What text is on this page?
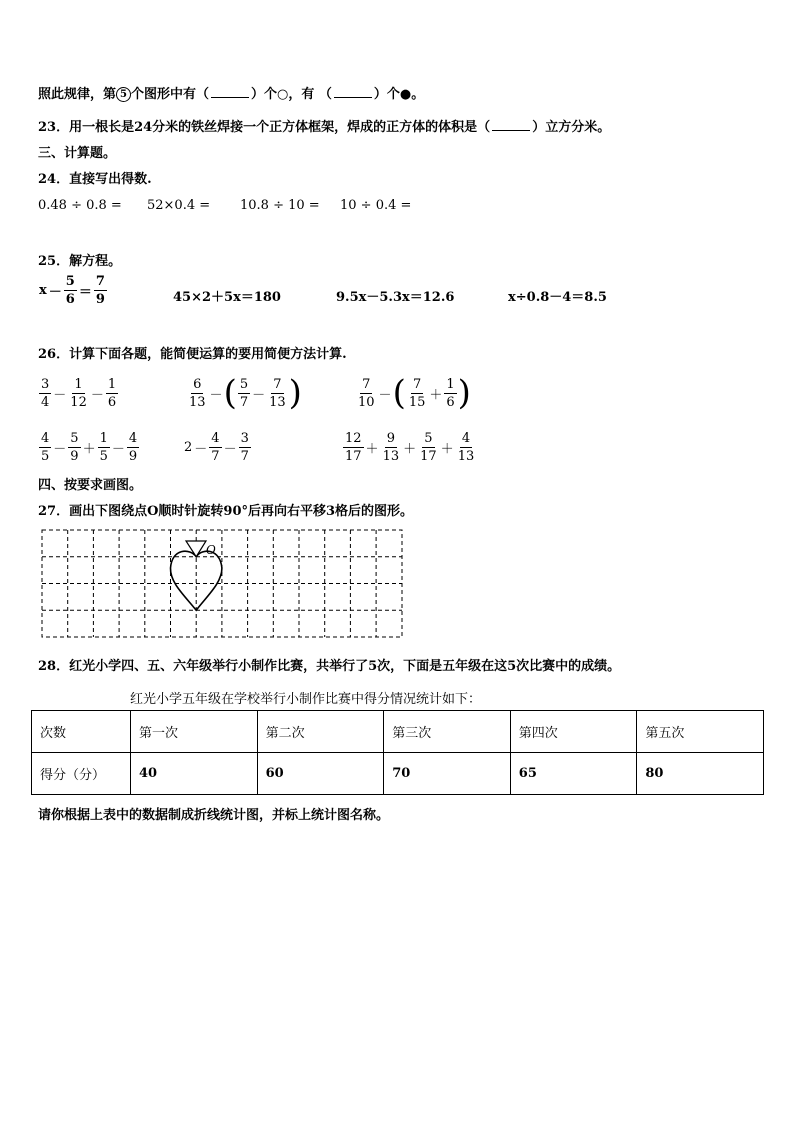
照此规律，第 5 个图形中有（	）个○，有 （	）个●。
23．用一根长是24分米的铁丝焊接一个正方体框架，焊成的正方体的体积是（	）立方分米。
三、计算题。
24．直接写出得数.
0.48 ÷ 0.8 = 52×0.4 = 10.8 ÷ 10 = 10 ÷ 0.4 =
25．解方程。
$x - \frac{5}{6} = \frac{7}{9}$	45×2＋5x＝180	9.5x－5.3x＝12.6	x÷0.8－4＝8.5
26．计算下面各题，能简便运算的要用简便方法计算.
$\frac{3}{4} - \frac{1}{12} - \frac{1}{6}$	$\frac{6}{13}$ － ( $\frac{5}{7} - \frac{7}{13}$ )	$\frac{7}{10}$ － ( $\frac{7}{15} + \frac{1}{6}$ )
$\frac{4}{5} - \frac{5}{9} + \frac{1}{5} - \frac{4}{9}$	$2 - \frac{4}{7} - \frac{3}{7}$	$\frac{12}{17} + \frac{9}{13} + \frac{5}{17} + \frac{4}{13}$
四、按要求画图。
27．画出下图绕点O顺时针旋转90°后再向右平移3格后的图形。
O
28．红光小学四、五、六年级举行小制作比赛，共举行了5次，下面是五年级在这5次比赛中的成绩。
红光小学五年级在学校举行小制作比赛中得分情况统计如下：
次数	第一次	第二次	第三次	第四次	第五次
得分（分）	40	60	70	65	80
请你根据上表中的数据制成折线统计图，并标上统计图名称。
